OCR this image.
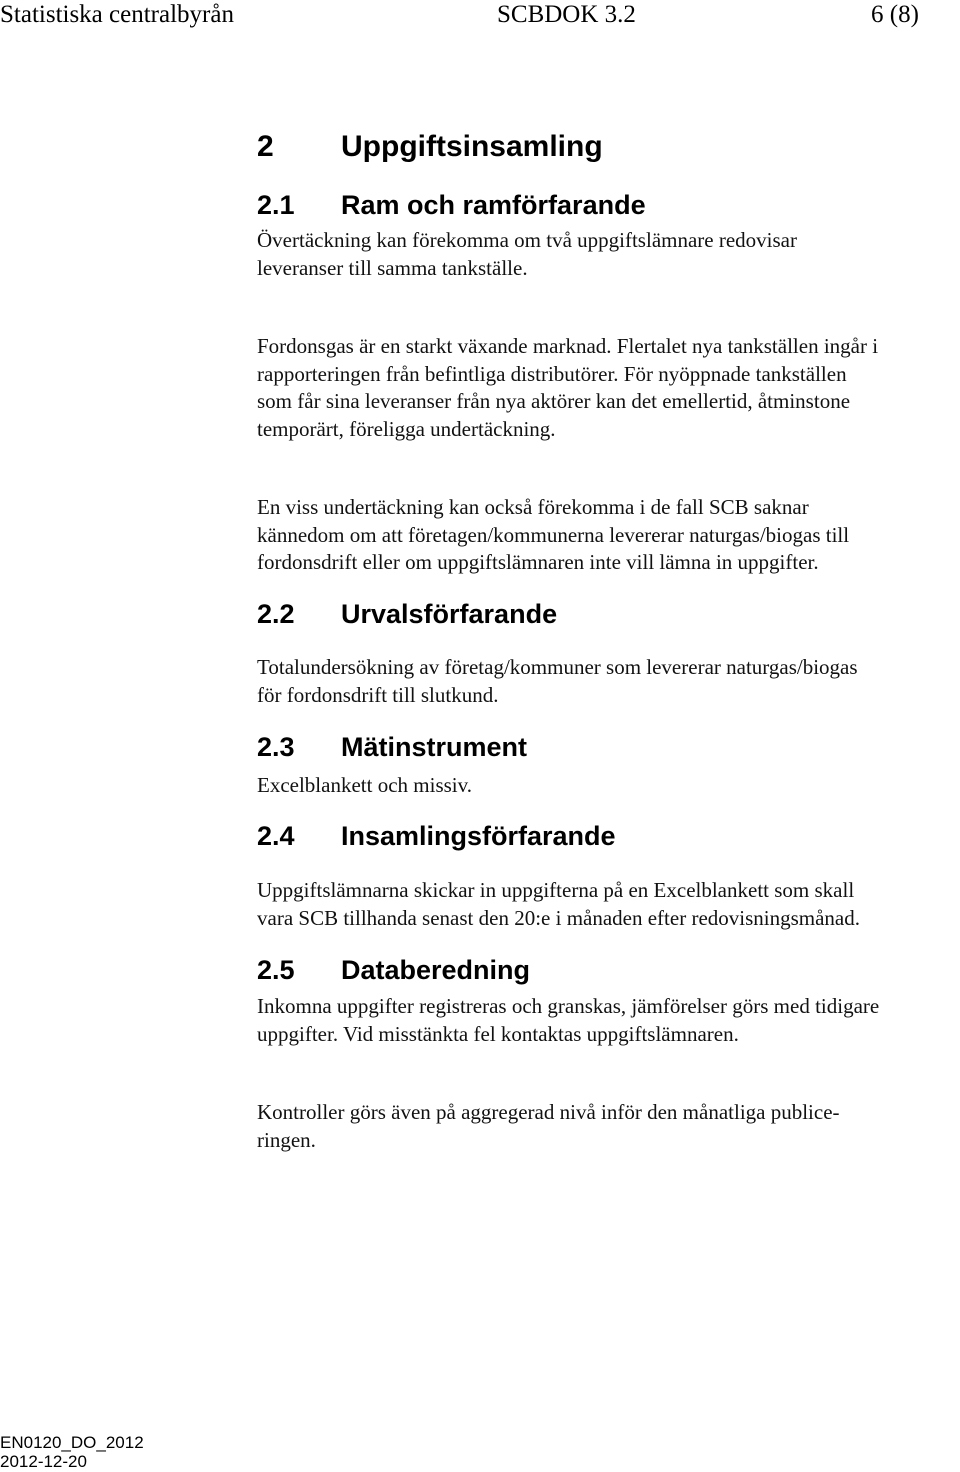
Statistiska centralbyrån	SCBDOK 3.2	6 (8)
2 Uppgiftsinsamling
2.1 Ram och ramförfarande

Övertäckning kan förekomma om två uppgiftslämnare redovisar
leveranser till samma tankställe.

Fordonsgas är en starkt växande marknad. Flertalet nya tankställen ingår i
rapporteringen från befintliga distributörer. För nyöppnade tankställen
som får sina leveranser från nya aktörer kan det emellertid, åtminstone
temporärt, föreligga undertäckning.

En viss undertäckning kan också förekomma i de fall SCB saknar
kännedom om att företagen/kommunerna levererar naturgas/biogas till
fordonsdrift eller om uppgiftslämnaren inte vill lämna in uppgifter.

2.2 Urvalsförfarande

Totalundersökning av företag/kommuner som levererar naturgas/biogas
för fordonsdrift till slutkund.

2.3 Mätinstrument

Excelblankett och missiv.

2.4 Insamlingsförfarande

Uppgiftslämnarna skickar in uppgifterna på en Excelblankett som skall
vara SCB tillhanda senast den 20:e i månaden efter redovisningsmånad.

2.5 Databeredning

Inkomna uppgifter registreras och granskas, jämförelser görs med tidigare
uppgifter. Vid misstänkta fel kontaktas uppgiftslämnaren.

Kontroller görs även på aggregerad nivå inför den månatliga publice-
ringen.

EN0120_DO_2012
2012-12-20
